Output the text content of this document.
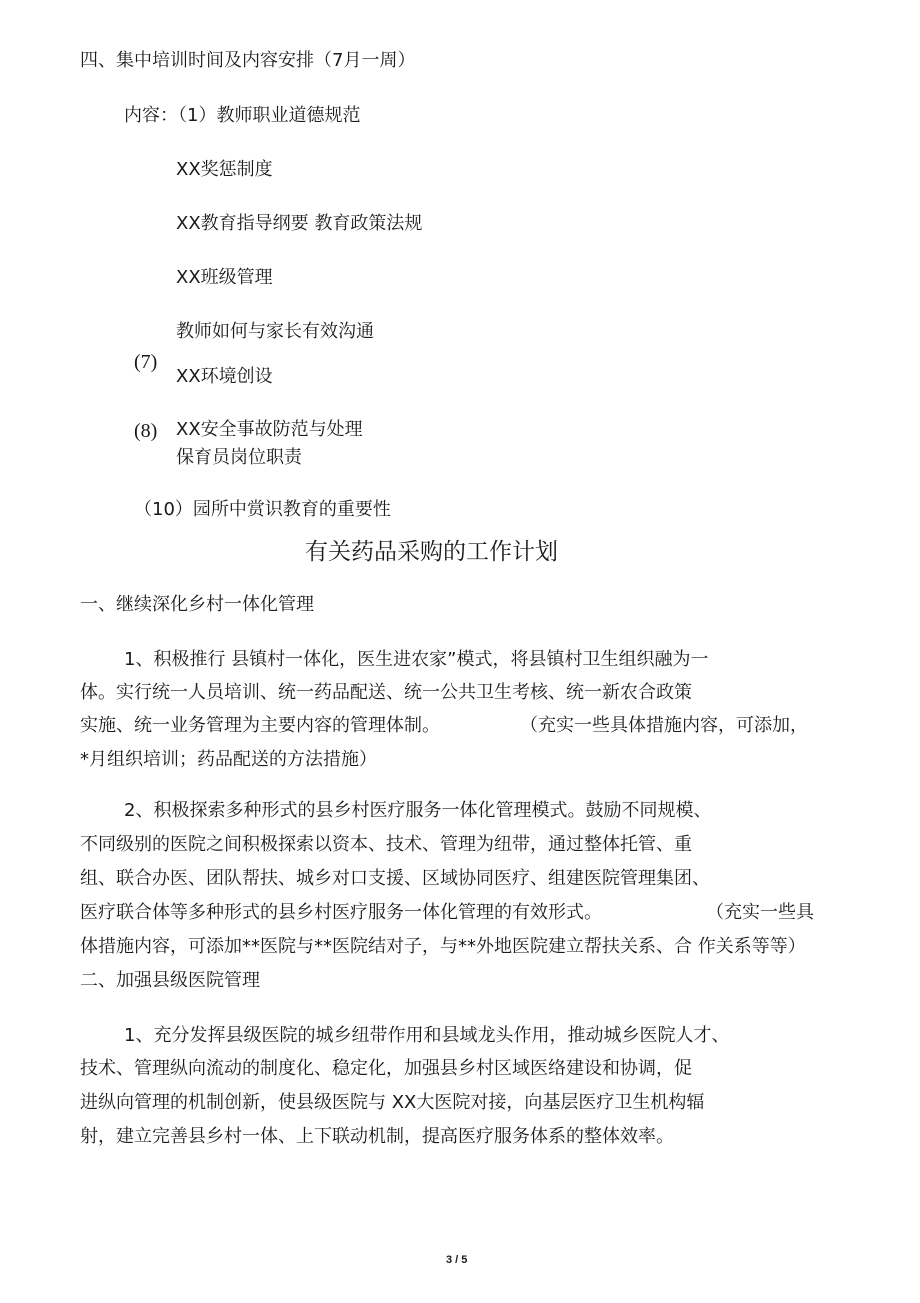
四、集中培训时间及内容安排（7月一周）
内容：（1）教师职业道德规范
XX奖惩制度
XX教育指导纲要 教育政策法规
XX班级管理
教师如何与家长有效沟通
(7)
XX环境创设
(8) XX安全事故防范与处理
保育员岗位职责
（10）园所中赏识教育的重要性
有关药品采购的工作计划
一、继续深化乡村一体化管理
1、积极推行 县镇村一体化，医生进农家”模式，将县镇村卫生组织融为一
体。实行统一人员培训、统一药品配送、统一公共卫生考核、统一新农合政策
实施、统一业务管理为主要内容的管理体制。	（充实一些具体措施内容，可添加，
*月组织培训；药品配送的方法措施）
2、积极探索多种形式的县乡村医疗服务一体化管理模式。鼓励不同规模、
不同级别的医院之间积极探索以资本、技术、管理为纽带，通过整体托管、重
组、联合办医、团队帮扶、城乡对口支援、区域协同医疗、组建医院管理集团、
医疗联合体等多种形式的县乡村医疗服务一体化管理的有效形式。	（充实一些具
体措施内容，可添加**医院与**医院结对子，与**外地医院建立帮扶关系、合 作关系等等）
二、加强县级医院管理
1、充分发挥县级医院的城乡纽带作用和县域龙头作用，推动城乡医院人才、
技术、管理纵向流动的制度化、稳定化，加强县乡村区域医络建设和协调，促
进纵向管理的机制创新，使县级医院与 XX大医院对接，向基层医疗卫生机构辐
射，建立完善县乡村一体、上下联动机制，提高医疗服务体系的整体效率。
3 / 5
